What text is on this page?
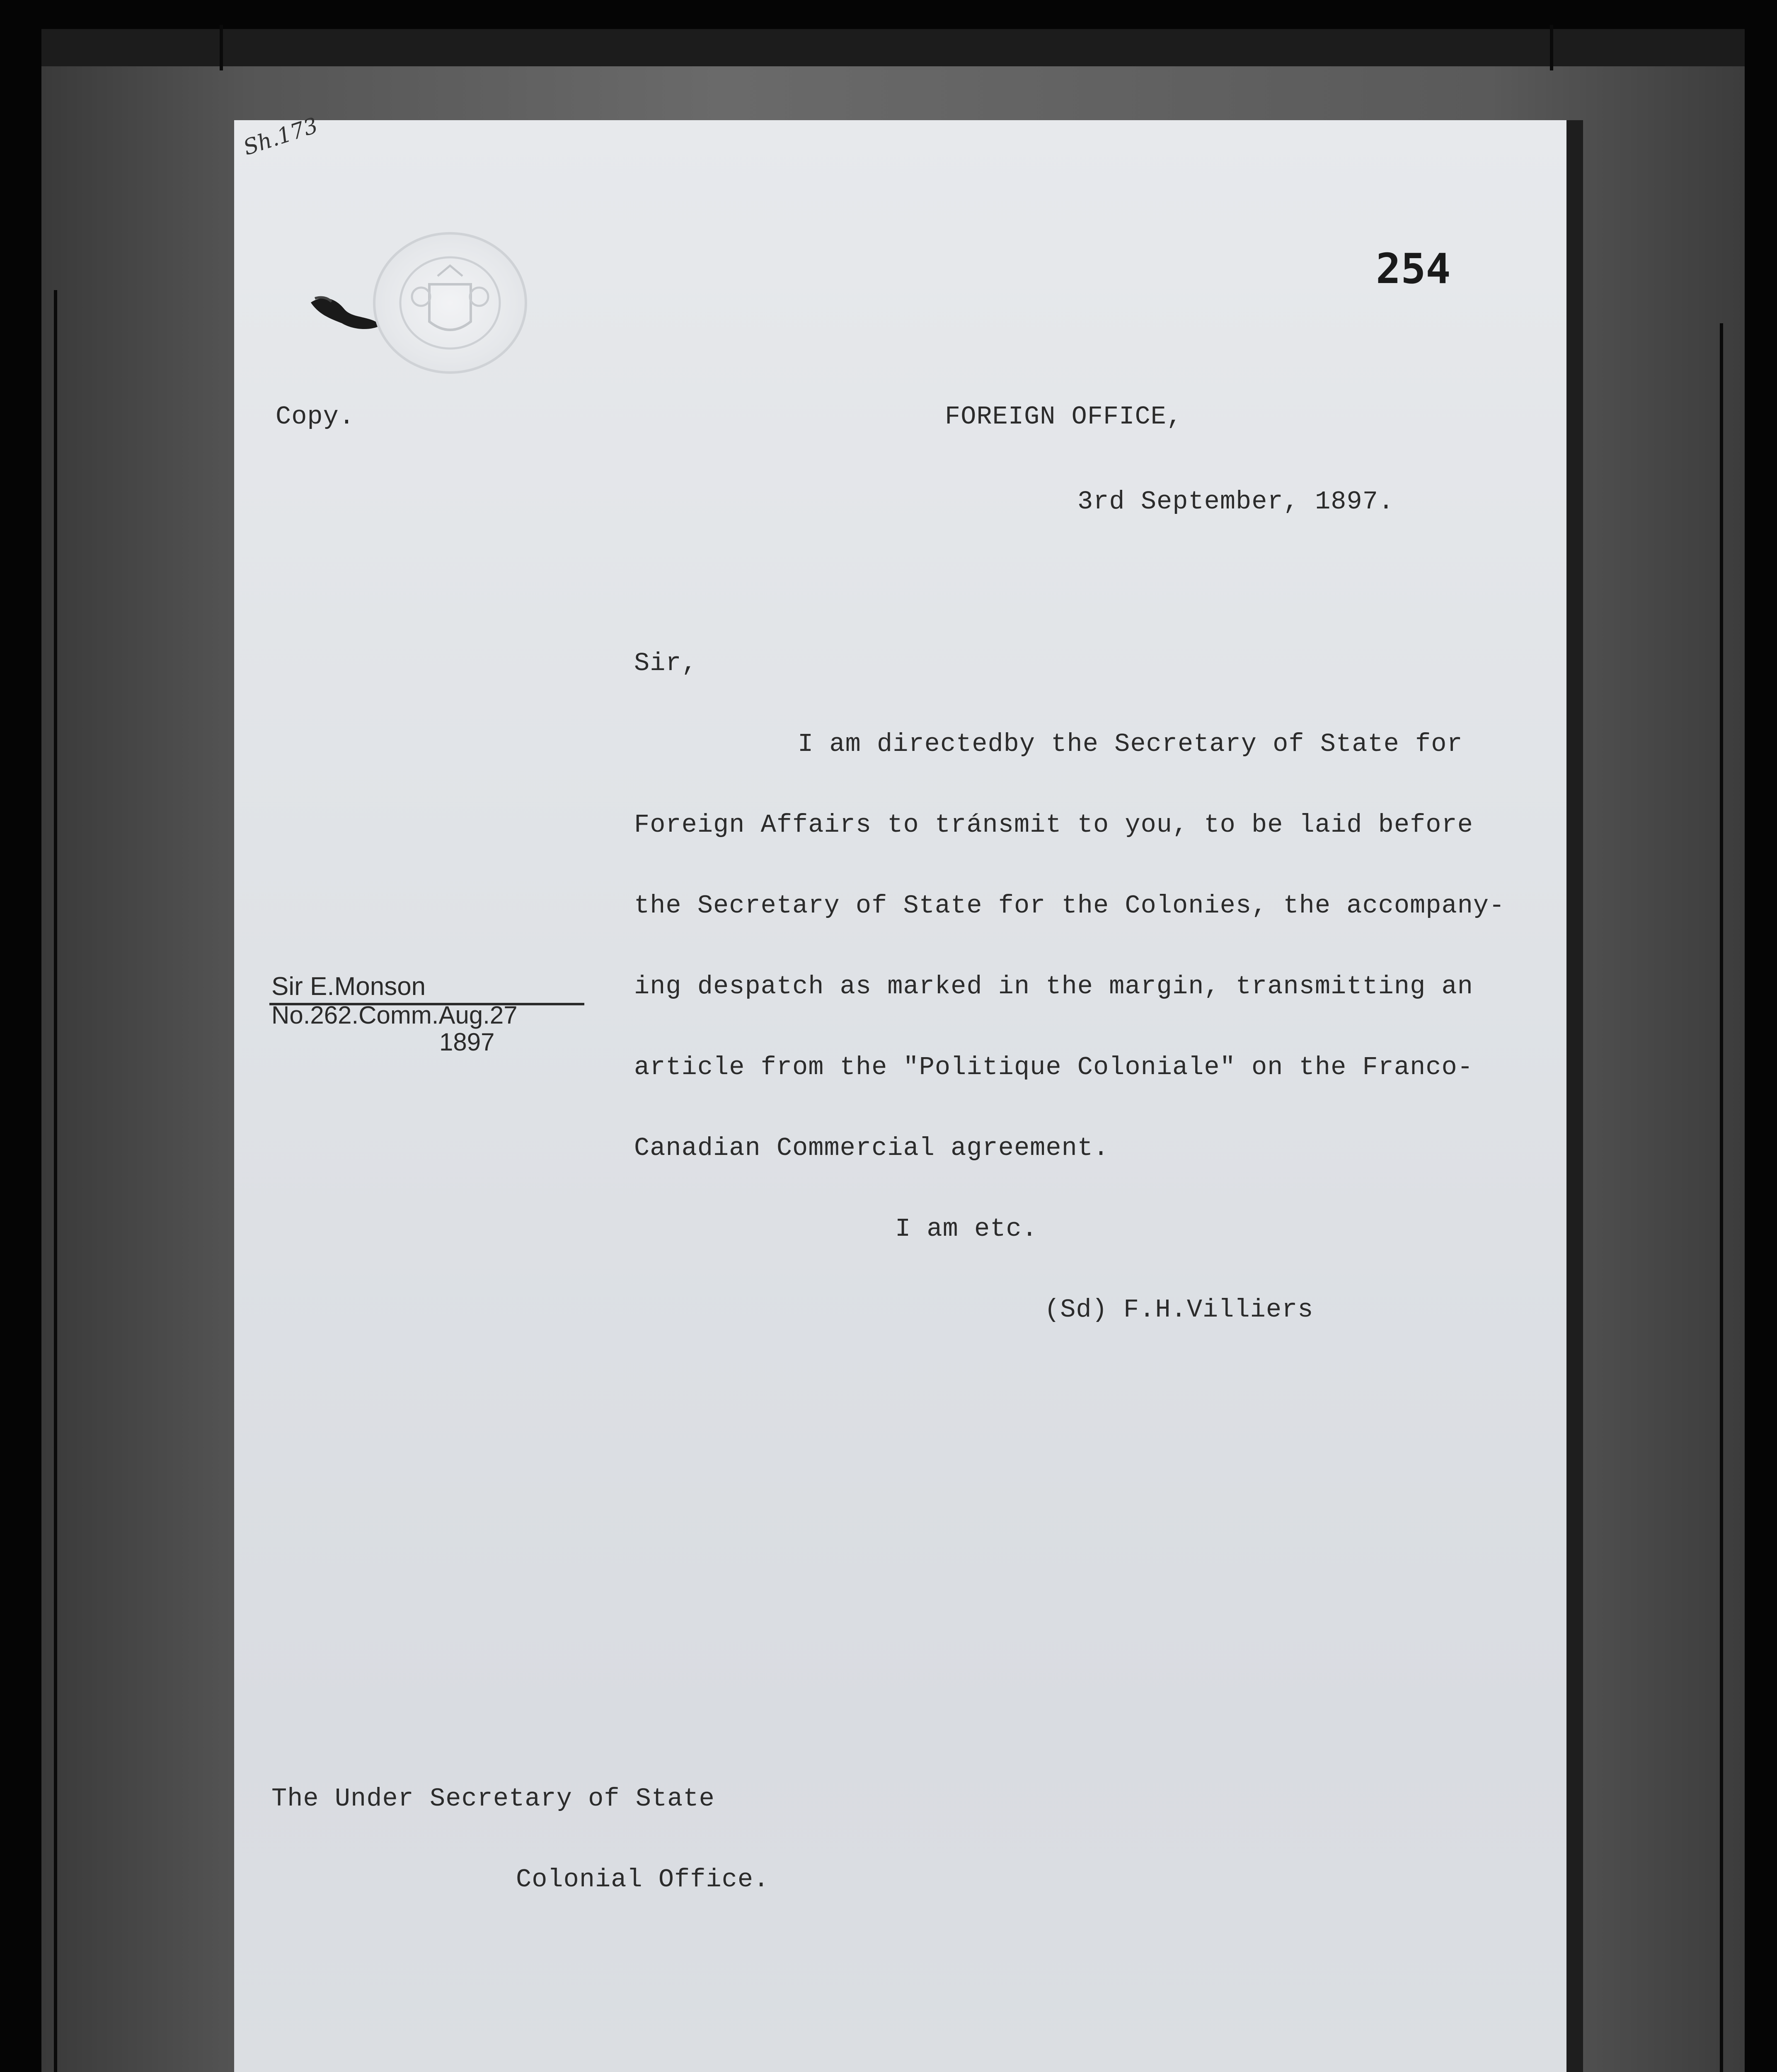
Sh.173
254
Copy.	FOREIGN OFFICE,
3rd September, 1897.
Sir,
I am directedby the Secretary of State for
Foreign Affairs to tránsmit to you, to be laid before
the Secretary of State for the Colonies, the accompany-
ing despatch as marked in the margin, transmitting an
article from the "Politique Coloniale" on the Franco-
Canadian Commercial agreement.
Sir E.Monson
No.262.Comm.Aug.27
1897
I am etc.
(Sd) F.H.Villiers
The Under Secretary of State
Colonial Office.
